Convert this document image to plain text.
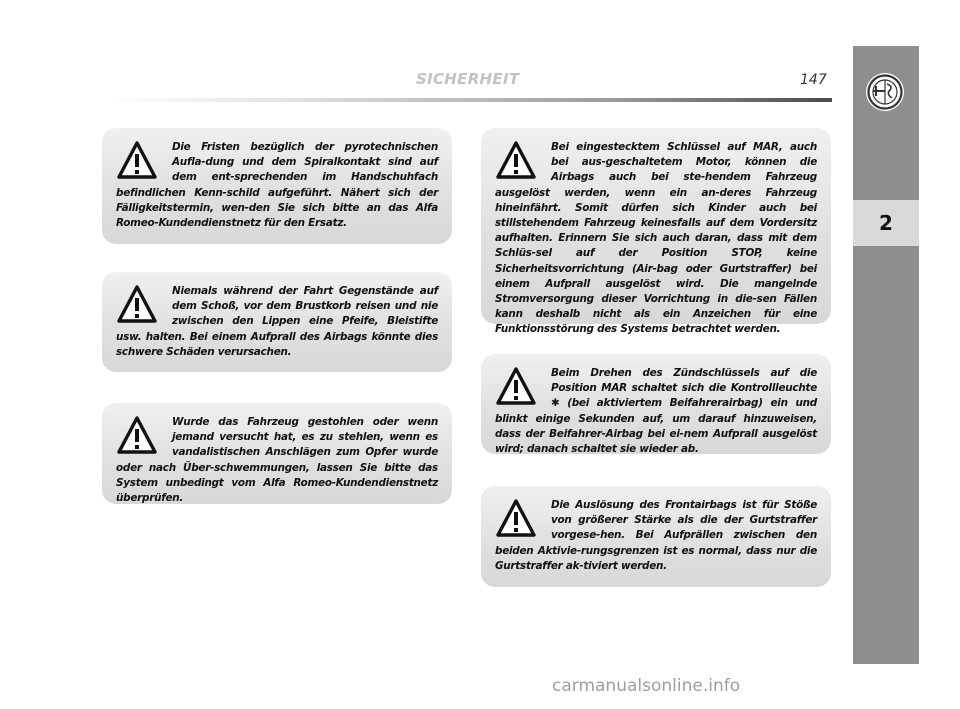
SICHERHEIT	147
2

Die Fristen bezüglich der pyrotechnischen Aufla-dung und dem Spiralkontakt sind auf dem ent-sprechenden im Handschuhfach befindlichen Kenn-schild aufgeführt. Nähert sich der Fälligkeitstermin, wen-den Sie sich bitte an das Alfa Romeo-Kundendienstnetz für den Ersatz.

Niemals während der Fahrt Gegenstände auf dem Schoß, vor dem Brustkorb reisen und nie zwischen den Lippen eine Pfeife, Bleistifte usw. halten. Bei einem Aufprall des Airbags könnte dies schwere Schäden verursachen.

Wurde das Fahrzeug gestohlen oder wenn jemand versucht hat, es zu stehlen, wenn es vandalistischen Anschlägen zum Opfer wurde oder nach Über-schwemmungen, lassen Sie bitte das System unbedingt vom Alfa Romeo-Kundendienstnetz überprüfen.

Bei eingestecktem Schlüssel auf MAR, auch bei aus-geschaltetem Motor, können die Airbags auch bei ste-hendem Fahrzeug ausgelöst werden, wenn ein an-deres Fahrzeug hineinfährt. Somit dürfen sich Kinder auch bei stillstehendem Fahrzeug keinesfalls auf dem Vordersitz aufhalten. Erinnern Sie sich auch daran, dass mit dem Schlüs-sel auf der Position STOP, keine Sicherheitsvorrichtung (Air-bag oder Gurtstraffer) bei einem Aufprall ausgelöst wird. Die mangelnde Stromversorgung dieser Vorrichtung in die-sen Fällen kann deshalb nicht als ein Anzeichen für eine Funktionsstörung des Systems betrachtet werden.

Beim Drehen des Zündschlüssels auf die Position MAR schaltet sich die Kontrollleuchte ✱ (bei aktiviertem Beifahrerairbag) ein und blinkt einige Sekunden auf, um darauf hinzuweisen, dass der Beifahrer-Airbag bei ei-nem Aufprall ausgelöst wird; danach schaltet sie wieder ab.

Die Auslösung des Frontairbags ist für Stöße von größerer Stärke als die der Gurtstraffer vorgese-hen. Bei Aufprällen zwischen den beiden Aktivie-rungsgrenzen ist es normal, dass nur die Gurtstraffer ak-tiviert werden.

carmanualsonline.info
